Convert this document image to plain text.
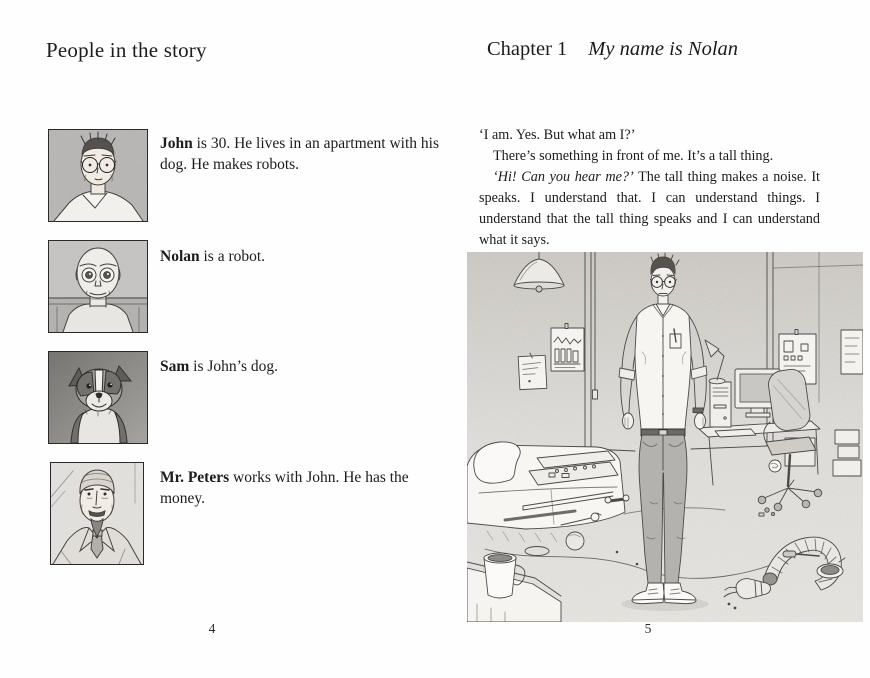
People in the story
John is 30. He lives in an apartment with his dog. He makes robots.
Nolan is a robot.
Sam is John’s dog.
Mr. Peters works with John. He has the money.
4
Chapter 1 My name is Nolan

‘I am. Yes. But what am I?’

There’s something in front of me. It’s a tall thing.

‘Hi! Can you hear me?’ The tall thing makes a noise. It speaks. I understand that. I can understand things. I understand that the tall thing speaks and I can understand what it says.

5
